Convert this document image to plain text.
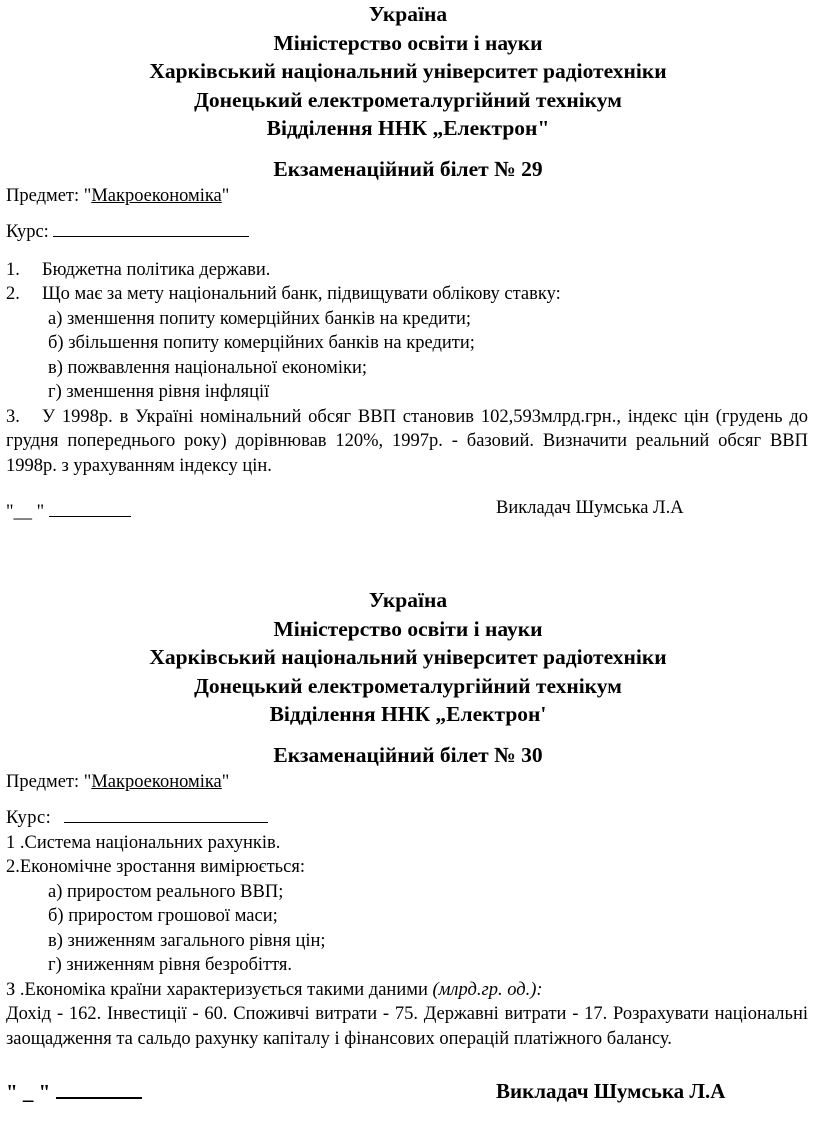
Україна

Міністерство освіти і науки

Харківський національний університет радіотехніки

Донецький електрометалургійний технікум

Відділення ННК „Електрон"

Екзаменаційний білет № 29
Предмет: "Макроекономіка"
Курс:
1. Бюджетна політика держави.
2. Що має за мету національний банк, підвищувати облікову ставку:
а) зменшення попиту комерційних банків на кредити;
б) збільшення попиту комерційних банків на кредити;
в) пожвавлення національної економіки;
г) зменшення рівня інфляції
3. У 1998р. в Україні номінальний обсяг ВВП становив 102,593млрд.грн., індекс цін (грудень до грудня попереднього року) дорівнював 120%, 1997р. - базовий. Визначити реальний обсяг ВВП 1998р. з урахуванням індексу цін.
"__ "	Викладач Шумська Л.А

Україна

Міністерство освіти і науки

Харківський національний університет радіотехніки

Донецький електрометалургійний технікум

Відділення ННК „Електрон'

Екзаменаційний білет № 30
Предмет: "Макроекономіка"
Курс:
1 .Система національних рахунків.
2.Економічне зростання вимірюється:
а) приростом реального ВВП;
б) приростом грошової маси;
в) зниженням загального рівня цін;
г) зниженням рівня безробіття.
З .Економіка країни характеризується такими даними (млрд.гр. од.):
Дохід - 162. Інвестиції - 60. Споживчі витрати - 75. Державні витрати - 17. Розрахувати національні заощадження та сальдо рахунку капіталу і фінансових операцій платіжного балансу.
" _ "	Викладач Шумська Л.А
